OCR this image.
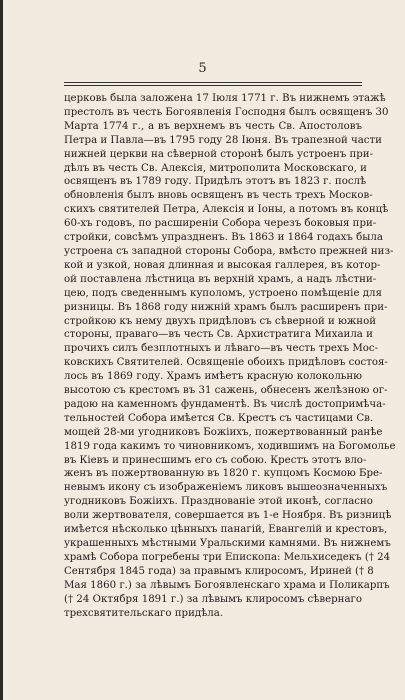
5
церковь была заложена 17 Іюля 1771 г. Въ нижнемъ этажѣ
престолъ въ честь Богоявленія Господня былъ освященъ 30
Марта 1774 г., а въ верхнемъ въ честь Св. Апостоловъ
Петра и Павла—въ 1795 году 28 Іюня. Въ трапезной части
нижней церкви на сѣверной сторонѣ былъ устроенъ при-
дѣлъ въ честь Св. Алексія, митрополита Московскаго, и
освященъ въ 1789 году. Придѣлъ этотъ въ 1823 г. послѣ
обновленія былъ вновь освященъ въ честь трехъ Москов-
скихъ святителей Петра, Алексія и Іоны, а потомъ въ концѣ
60-хъ годовъ, по расширеніи Собора черезъ боковыя при-
стройки, совсѣмъ упраздненъ. Въ 1863 и 1864 годахъ была
устроена съ западной стороны Собора, вмѣсто прежней низ-
кой и узкой, новая длинная и высокая галлерея, въ котор-
ой поставлена лѣстница въ верхній храмъ, а надъ лѣстни-
цею, подъ сведеннымъ куполомъ, устроено помѣщеніе для
ризницы. Въ 1868 году нижній храмъ былъ расширенъ при-
стройкою къ нему двухъ придѣловъ съ сѣверной и южной
стороны, праваго—въ честь Св. Архистратига Михаила и
прочихъ силъ безплотныхъ и лѣваго—въ честь трехъ Мос-
ковскихъ Святителей. Освященіе обоихъ придѣловъ состоя-
лось въ 1869 году. Храмъ имѣетъ красную колокольню
высотою съ крестомъ въ 31 сажень, обнесенъ желѣзною ог-
радою на каменномъ фундаментѣ. Въ числѣ достопримѣча-
тельностей Собора имѣется Св. Крестъ съ частицами Св.
мощей 28-ми угодниковъ Божіихъ, пожертвованный ранѣе
1819 года какимъ то чиновникомъ, ходившимъ на Богомолье
въ Кіевъ и принесшимъ его съ собою. Крестъ этотъ вло-
женъ въ пожертвованную въ 1820 г. купцомъ Космою Бре-
невымъ икону съ изображеніемъ ликовъ вышеозначенныхъ
угодниковъ Божіихъ. Празднованіе этой иконѣ, согласно
воли жертвователя, совершается въ 1-е Ноября. Въ ризницѣ
имѣется нѣсколько цѣнныхъ панагій, Евангелій и крестовъ,
украшенныхъ мѣстными Уральскими камнями. Въ нижнемъ
храмѣ Собора погребены три Епископа: Мельхиседекъ († 24
Сентября 1845 года) за правымъ клиросомъ, Ириней († 8
Мая 1860 г.) за лѣвымъ Богоявленскаго храма и Поликарпъ
(† 24 Октября 1891 г.) за лѣвымъ клиросомъ сѣвернаго
трехсвятительскаго придѣла.
